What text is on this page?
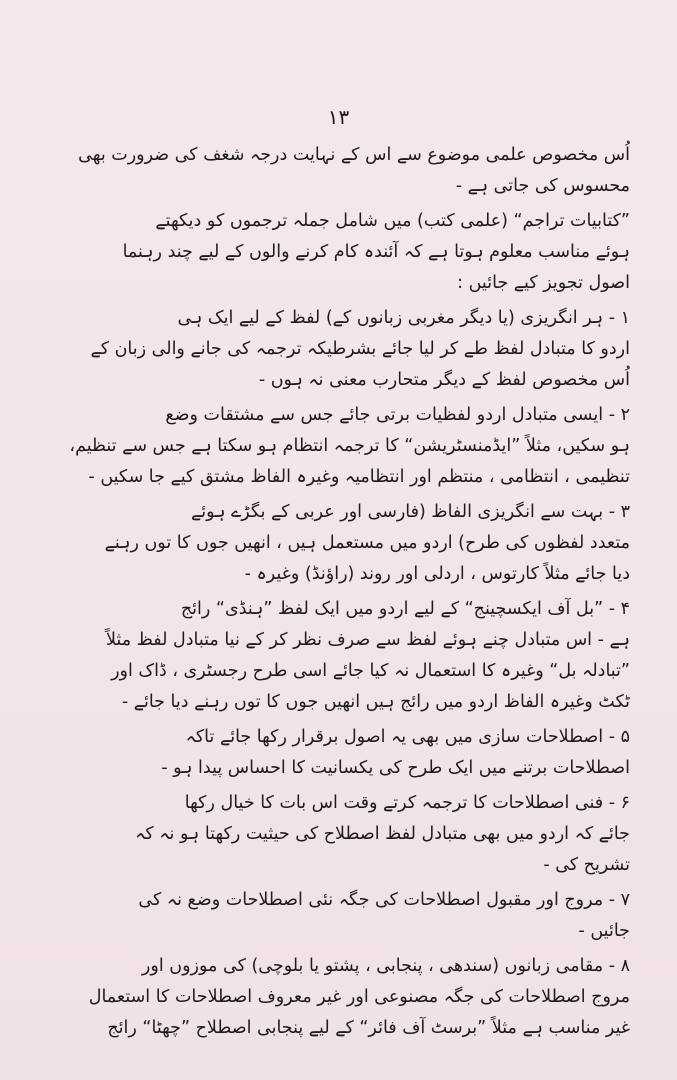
۱۳
اُس مخصوص علمی موضوع سے اس کے نہایت درجہ شغف کی ضرورت بھی
محسوس کی جاتی ہے -
”کتابیات تراجم“ (علمی کتب) میں شامل جملہ ترجموں کو دیکھتے
ہوئے مناسب معلوم ہوتا ہے کہ آئندہ کام کرنے والوں کے لیے چند رہنما
اصول تجویز کیے جائیں :
۱ - ہر انگریزی (یا دیگر مغربی زبانوں کے) لفظ کے لیے ایک ہی
اردو کا متبادل لفظ طے کر لیا جائے بشرطیکہ ترجمہ کی جانے والی زبان کے
اُس مخصوص لفظ کے دیگر متحارب معنی نہ ہوں -
۲ - ایسی متبادل اردو لفظیات برتی جائے جس سے مشتقات وضع
ہو سکیں، مثلاً ”ایڈمنسٹریشن“ کا ترجمہ انتظام ہو سکتا ہے جس سے تنظیم،
تنظیمی ، انتظامی ، منتظم اور انتظامیہ وغیرہ الفاظ مشتق کیے جا سکیں -
۳ - بہت سے انگریزی الفاظ (فارسی اور عربی کے بگڑے ہوئے
متعدد لفظوں کی طرح) اردو میں مستعمل ہیں ، انھیں جوں کا توں رہنے
دیا جائے مثلاً کارتوس ، اردلی اور روند (راؤنڈ) وغیرہ -
۴ - ”بل آف ایکسچینج“ کے لیے اردو میں ایک لفظ ”ہنڈی“ رائج
ہے - اس متبادل چنے ہوئے لفظ سے صرف نظر کر کے نیا متبادل لفظ مثلاً
”تبادلہ بل“ وغیرہ کا استعمال نہ کیا جائے اسی طرح رجسٹری ، ڈاک اور
ٹکٹ وغیرہ الفاظ اردو میں رائج ہیں انھیں جوں کا توں رہنے دیا جائے -
۵ - اصطلاحات سازی میں بھی یہ اصول برقرار رکھا جائے تاکہ
اصطلاحات برتنے میں ایک طرح کی یکسانیت کا احساس پیدا ہو -
۶ - فنی اصطلاحات کا ترجمہ کرتے وقت اس بات کا خیال رکھا
جائے کہ اردو میں بھی متبادل لفظ اصطلاح کی حیثیت رکھتا ہو نہ کہ
تشریح کی -
۷ - مروج اور مقبول اصطلاحات کی جگہ نئی اصطلاحات وضع نہ کی
جائیں -
۸ - مقامی زبانوں (سندھی ، پنجابی ، پشتو یا بلوچی) کی موزوں اور
مروج اصطلاحات کی جگہ مصنوعی اور غیر معروف اصطلاحات کا استعمال
غیر مناسب ہے مثلاً ”برسٹ آف فائر“ کے لیے پنجابی اصطلاح ”چھٹا“ رائج
